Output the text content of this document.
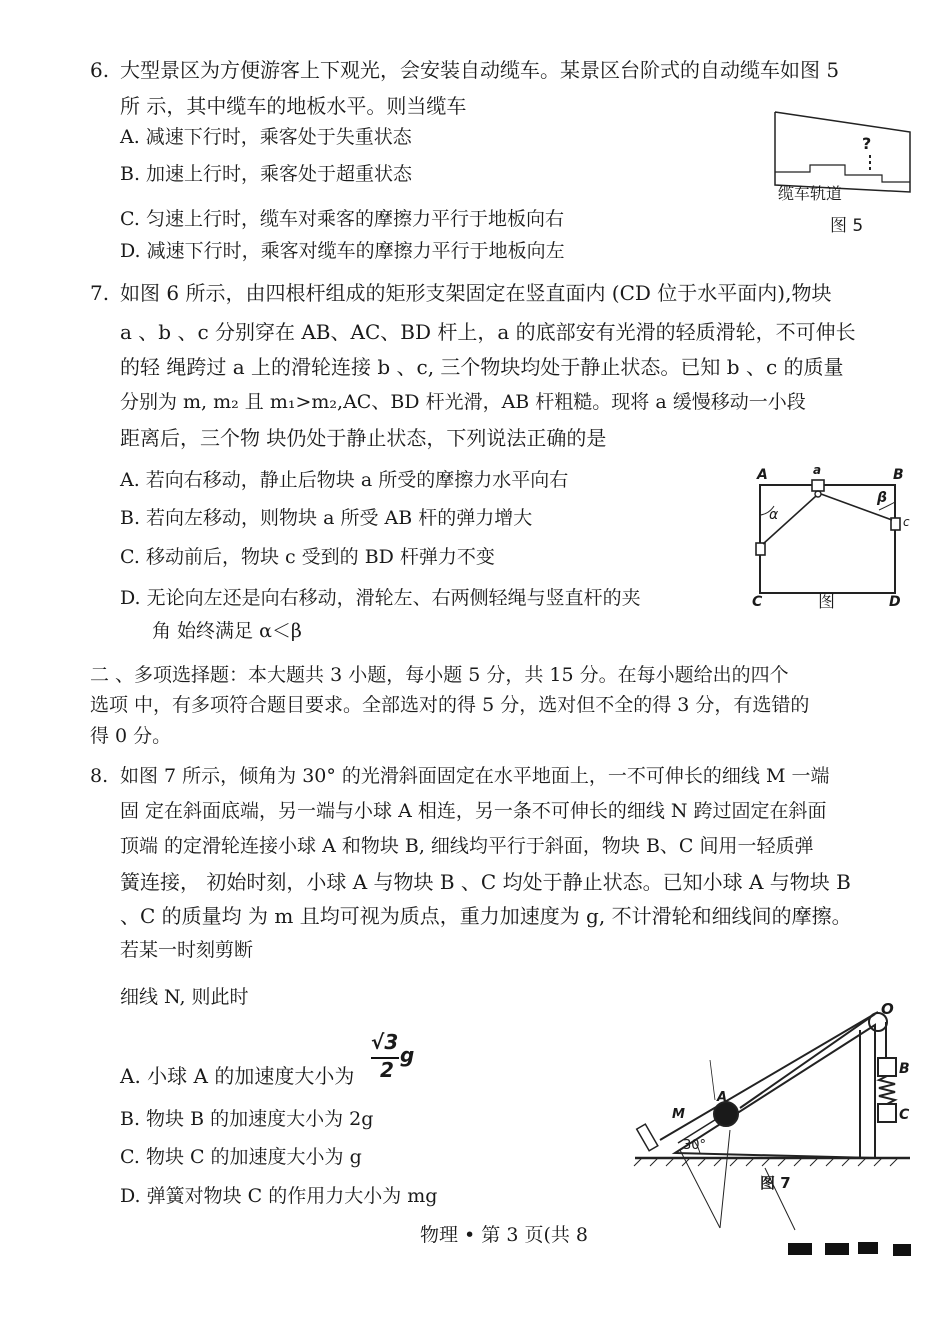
6. 大型景区为方便游客上下观光，会安装自动缆车。某景区台阶式的自动缆车如图 5
所 示，其中缆车的地板水平。则当缆车
A. 减速下行时，乘客处于失重状态
B. 加速上行时，乘客处于超重状态
C. 匀速上行时，缆车对乘客的摩擦力平行于地板向右
D. 减速下行时，乘客对缆车的摩擦力平行于地板向左
?
缆车轨道
图 5
7. 如图 6 所示，由四根杆组成的矩形支架固定在竖直面内 (CD 位于水平面内),物块
a 、b 、c 分别穿在 AB、AC、BD 杆上，a 的底部安有光滑的轻质滑轮，不可伸长
的轻 绳跨过 a 上的滑轮连接 b 、c, 三个物块均处于静止状态。已知 b 、c 的质量
分别为 m, m₂ 且 m₁>m₂,AC、BD 杆光滑，AB 杆粗糙。现将 a 缓慢移动一小段
距离后，三个物 块仍处于静止状态，下列说法正确的是
A. 若向右移动，静止后物块 a 所受的摩擦力水平向右
B. 若向左移动，则物块 a 所受 AB 杆的弹力增大
C. 移动前后，物块 c 受到的 BD 杆弹力不变
D. 无论向左还是向右移动，滑轮左、右两侧轻绳与竖直杆的夹
角 始终满足 α＜β
A	B
a
α
β
c
C	D
图
二 、多项选择题：本大题共 3 小题，每小题 5 分，共 15 分。在每小题给出的四个
选项 中，有多项符合题目要求。全部选对的得 5 分，选对但不全的得 3 分，有选错的
得 0 分。
8. 如图 7 所示，倾角为 30° 的光滑斜面固定在水平地面上，一不可伸长的细线 M 一端
固 定在斜面底端，另一端与小球 A 相连，另一条不可伸长的细线 N 跨过固定在斜面
顶端 的定滑轮连接小球 A 和物块 B, 细线均平行于斜面，物块 B、C 间用一轻质弹
簧连接， 初始时刻，小球 A 与物块 B 、C 均处于静止状态。已知小球 A 与物块 B
、C 的质量均 为 m 且均可视为质点，重力加速度为 g, 不计滑轮和细线间的摩擦。
若某一时刻剪断
细线 N, 则此时
A. 小球 A 的加速度大小为
√3
2
g
B. 物块 B 的加速度大小为 2g
C. 物块 C 的加速度大小为 g
D. 弹簧对物块 C 的作用力大小为 mg
O
A
B
C
M
30°
图 7
物理 • 第 3 页(共 8
